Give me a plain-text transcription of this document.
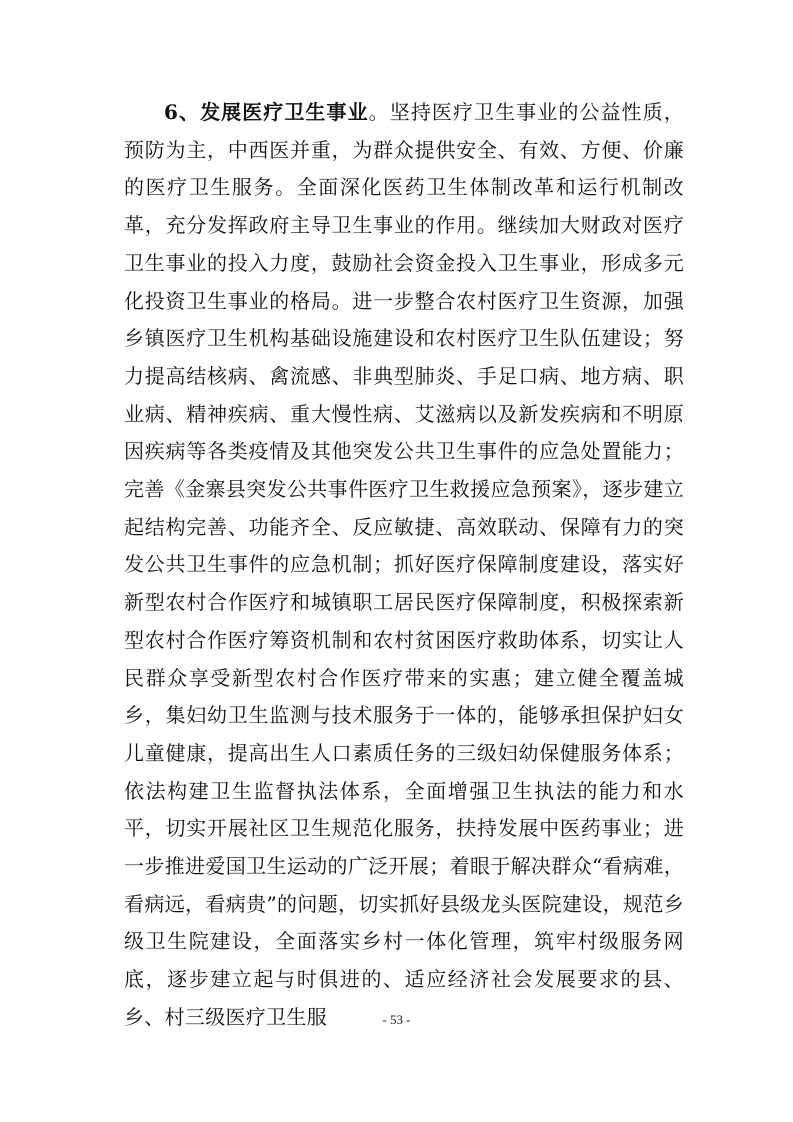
6、发展医疗卫生事业。坚持医疗卫生事业的公益性质，预防为主，中西医并重，为群众提供安全、有效、方便、价廉的医疗卫生服务。全面深化医药卫生体制改革和运行机制改革，充分发挥政府主导卫生事业的作用。继续加大财政对医疗卫生事业的投入力度，鼓励社会资金投入卫生事业，形成多元化投资卫生事业的格局。进一步整合农村医疗卫生资源，加强乡镇医疗卫生机构基础设施建设和农村医疗卫生队伍建设；努力提高结核病、禽流感、非典型肺炎、手足口病、地方病、职业病、精神疾病、重大慢性病、艾滋病以及新发疾病和不明原因疾病等各类疫情及其他突发公共卫生事件的应急处置能力；完善《金寨县突发公共事件医疗卫生救援应急预案》，逐步建立起结构完善、功能齐全、反应敏捷、高效联动、保障有力的突发公共卫生事件的应急机制；抓好医疗保障制度建设，落实好新型农村合作医疗和城镇职工居民医疗保障制度，积极探索新型农村合作医疗筹资机制和农村贫困医疗救助体系，切实让人民群众享受新型农村合作医疗带来的实惠；建立健全覆盖城乡，集妇幼卫生监测与技术服务于一体的，能够承担保护妇女儿童健康，提高出生人口素质任务的三级妇幼保健服务体系；依法构建卫生监督执法体系，全面增强卫生执法的能力和水平，切实开展社区卫生规范化服务，扶持发展中医药事业；进一步推进爱国卫生运动的广泛开展；着眼于解决群众“看病难，看病远，看病贵”的问题，切实抓好县级龙头医院建设，规范乡级卫生院建设，全面落实乡村一体化管理，筑牢村级服务网底，逐步建立起与时俱进的、适应经济社会发展要求的县、乡、村三级医疗卫生服	- 53 -
